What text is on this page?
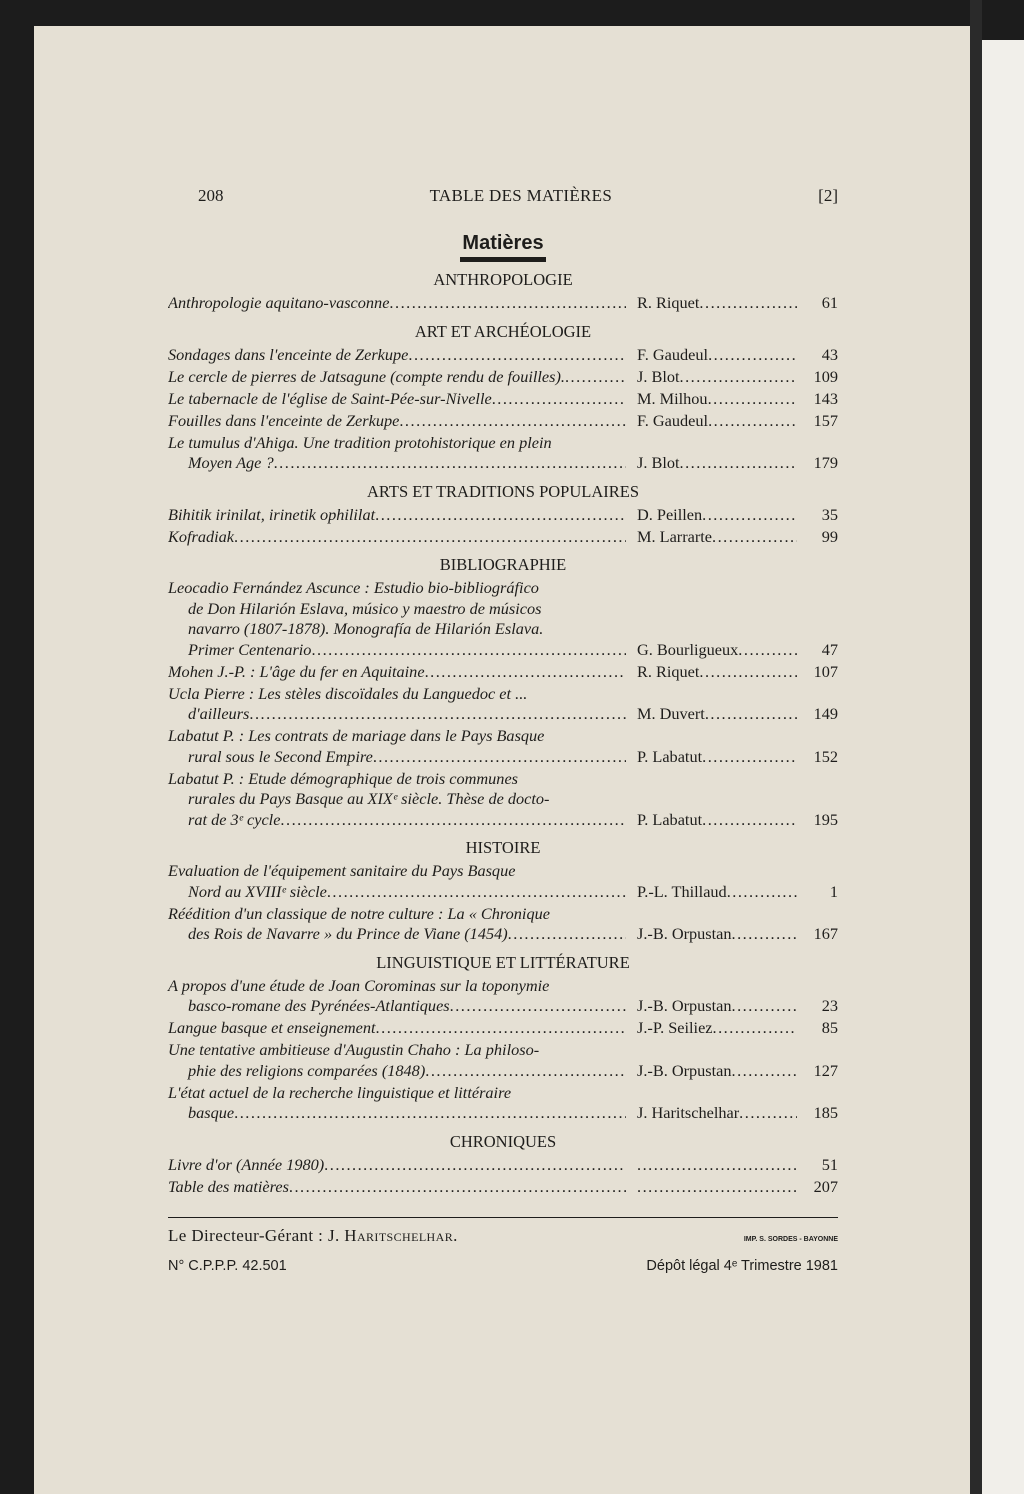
208	TABLE DES MATIÈRES	[2]
Matières
ANTHROPOLOGIE
Anthropologie aquitano-vasconne .....	R. Riquet .....	61
ART ET ARCHÉOLOGIE
Sondages dans l'enceinte de Zerkupe .....	F. Gaudeul .....	43
Le cercle de pierres de Jatsagune (compte rendu de fouilles). .....	J. Blot .....	109
Le tabernacle de l'église de Saint-Pée-sur-Nivelle .....	M. Milhou .....	143
Fouilles dans l'enceinte de Zerkupe .....	F. Gaudeul .....	157
Le tumulus d'Ahiga. Une tradition protohistorique en plein
Moyen Age ? .....	J. Blot .....	179
ARTS ET TRADITIONS POPULAIRES
Bihitik irinilat, irinetik ophililat .....	D. Peillen .....	35
Kofradiak .....	M. Larrarte .....	99
BIBLIOGRAPHIE
Leocadio Fernández Ascunce : Estudio bio-bibliográfico
de Don Hilarión Eslava, músico y maestro de músicos
navarro (1807-1878). Monografía de Hilarión Eslava.
Primer Centenario .....	G. Bourligueux .....	47
Mohen J.-P. : L'âge du fer en Aquitaine .....	R. Riquet .....	107
Ucla Pierre : Les stèles discoïdales du Languedoc et ...
d'ailleurs .....	M. Duvert .....	149
Labatut P. : Les contrats de mariage dans le Pays Basque
rural sous le Second Empire .....	P. Labatut .....	152
Labatut P. : Etude démographique de trois communes
rurales du Pays Basque au XIXᵉ siècle. Thèse de docto-
rat de 3ᵉ cycle .....	P. Labatut .....	195
HISTOIRE
Evaluation de l'équipement sanitaire du Pays Basque
Nord au XVIIIᵉ siècle .....	P.-L. Thillaud .....	1
Réédition d'un classique de notre culture : La « Chronique
des Rois de Navarre » du Prince de Viane (1454) .....	J.-B. Orpustan .....	167
LINGUISTIQUE ET LITTÉRATURE
A propos d'une étude de Joan Corominas sur la toponymie
basco-romane des Pyrénées-Atlantiques .....	J.-B. Orpustan .....	23
Langue basque et enseignement .....	J.-P. Seiliez .....	85
Une tentative ambitieuse d'Augustin Chaho : La philoso-
phie des religions comparées (1848) .....	J.-B. Orpustan .....	127
L'état actuel de la recherche linguistique et littéraire
basque .....	J. Haritschelhar .....	185
CHRONIQUES
Livre d'or (Année 1980) ..... .....	51
Table des matières ..... .....	207
Le Directeur-Gérant : J. Haritschelhar.	IMP. S. SORDES - BAYONNE
N° C.P.P.P. 42.501	Dépôt légal 4ᵉ Trimestre 1981
